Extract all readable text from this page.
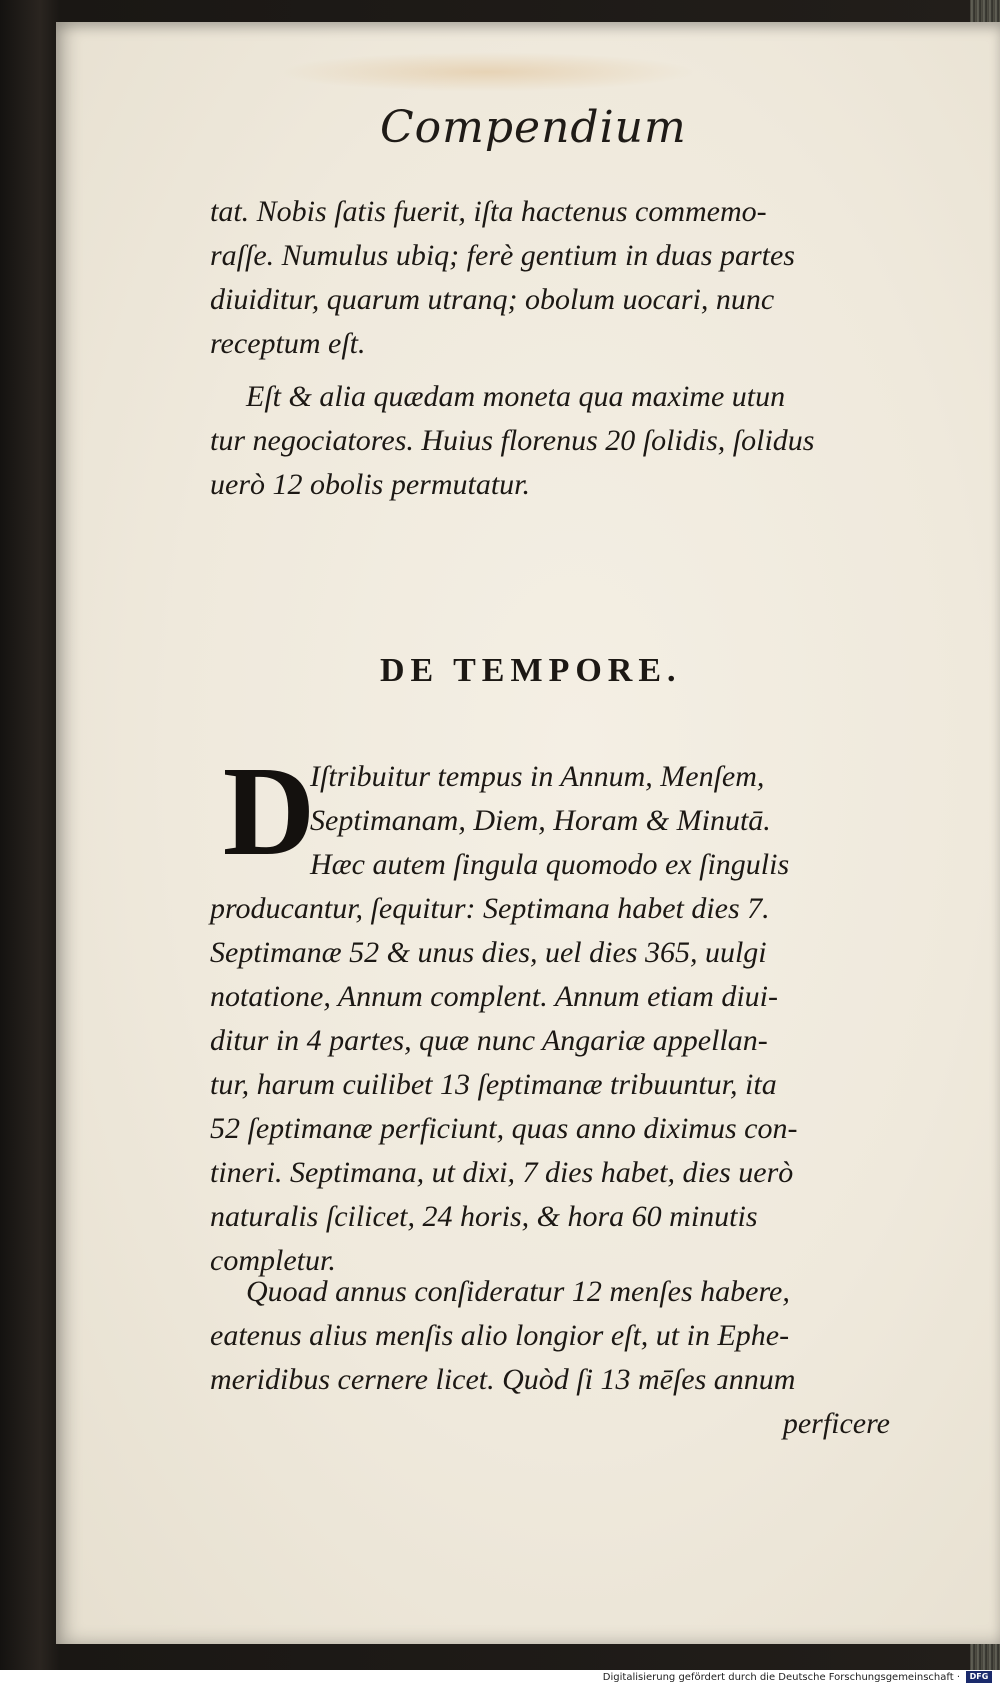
Compendium
tat. Nobis ſatis fuerit, iſta hactenus commemo-
raſſe. Numulus ubiq; ferè gentium in duas partes
diuiditur, quarum utranq; obolum uocari, nunc
receptum eſt.
Eſt & alia quædam moneta qua maxime utun
tur negociatores. Huius florenus 20 ſolidis, ſolidus
uerò 12 obolis permutatur.
DE TEMPORE.
D
Iſtribuitur tempus in Annum, Menſem,
Septimanam, Diem, Horam & Minutā.
Hæc autem ſingula quomodo ex ſingulis
producantur, ſequitur: Septimana habet dies 7.
Septimanæ 52 & unus dies, uel dies 365, uulgi
notatione, Annum complent. Annum etiam diui-
ditur in 4 partes, quæ nunc Angariæ appellan-
tur, harum cuilibet 13 ſeptimanæ tribuuntur, ita
52 ſeptimanæ perficiunt, quas anno diximus con-
tineri. Septimana, ut dixi, 7 dies habet, dies uerò
naturalis ſcilicet, 24 horis, & hora 60 minutis
completur.
Quoad annus conſideratur 12 menſes habere,
eatenus alius menſis alio longior eſt, ut in Ephe-
meridibus cernere licet. Quòd ſi 13 mēſes annum
perficere
Digitalisierung gefördert durch die Deutsche Forschungsgemeinschaft ·	DFG
